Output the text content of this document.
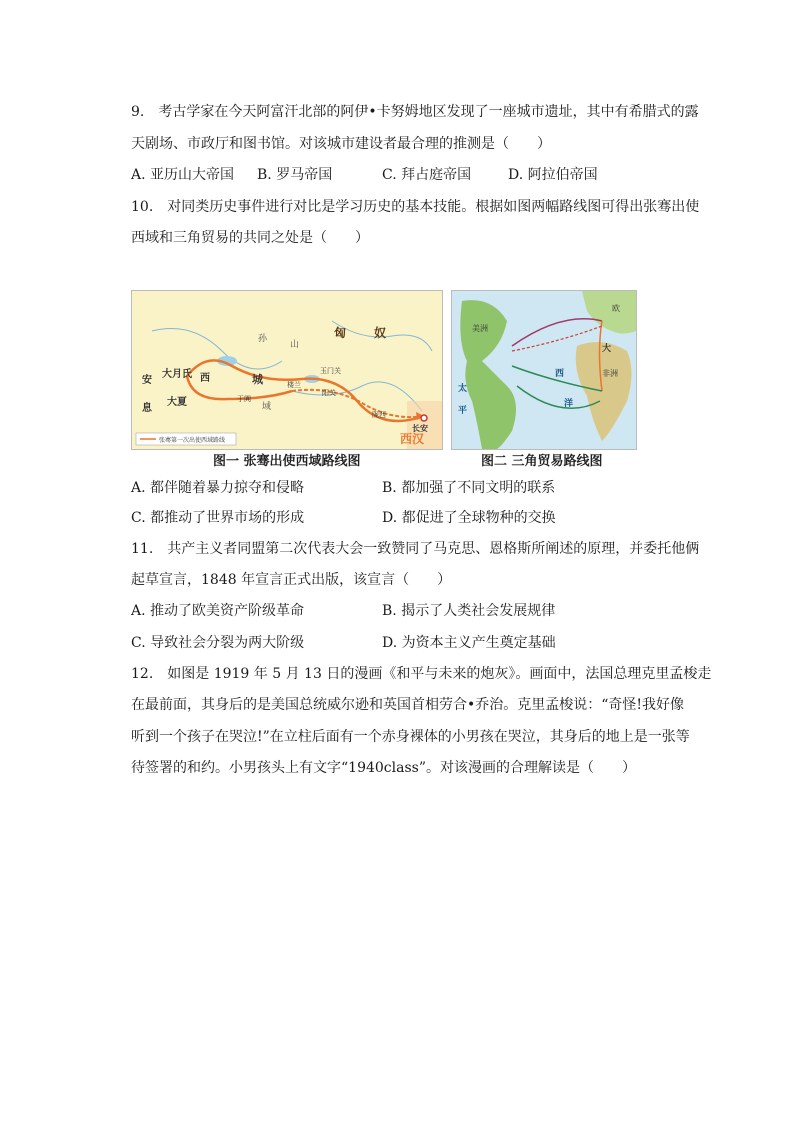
9.　考古学家在今天阿富汗北部的阿伊•卡努姆地区发现了一座城市遗址，其中有希腊式的露
天剧场、市政厅和图书馆。对该城市建设者最合理的推测是（　　）
A. 亚历山大帝国 B. 罗马帝国	C. 拜占庭帝国	D. 阿拉伯帝国
10.　对同类历史事件进行对比是学习历史的基本技能。根据如图两幅路线图可得出张骞出使
西域和三角贸易的共同之处是（　　）
匈 奴
安
息
大月氏 西
大夏
城
域
孙
山
玉门关
阳关
楼兰
于阗
陇西
长安
西汉
张骞第一次出使西域路线
大
西
洋
太
平
欧
美洲
非洲
图一 张骞出使西域路线图	图二 三角贸易路线图
A. 都伴随着暴力掠夺和侵略	B. 都加强了不同文明的联系
C. 都推动了世界市场的形成	D. 都促进了全球物种的交换
11.　共产主义者同盟第二次代表大会一致赞同了马克思、恩格斯所阐述的原理，并委托他俩
起草宣言，1848 年宣言正式出版，该宣言（　　）
A. 推动了欧美资产阶级革命	B. 揭示了人类社会发展规律
C. 导致社会分裂为两大阶级	D. 为资本主义产生奠定基础
12.　如图是 1919 年 5 月 13 日的漫画《和平与未来的炮灰》。画面中，法国总理克里孟梭走
在最前面，其身后的是美国总统威尔逊和英国首相劳合•乔治。克里孟梭说：“奇怪!我好像
听到一个孩子在哭泣!”在立柱后面有一个赤身裸体的小男孩在哭泣，其身后的地上是一张等
待签署的和约。小男孩头上有文字“1940class”。对该漫画的合理解读是（　　）
